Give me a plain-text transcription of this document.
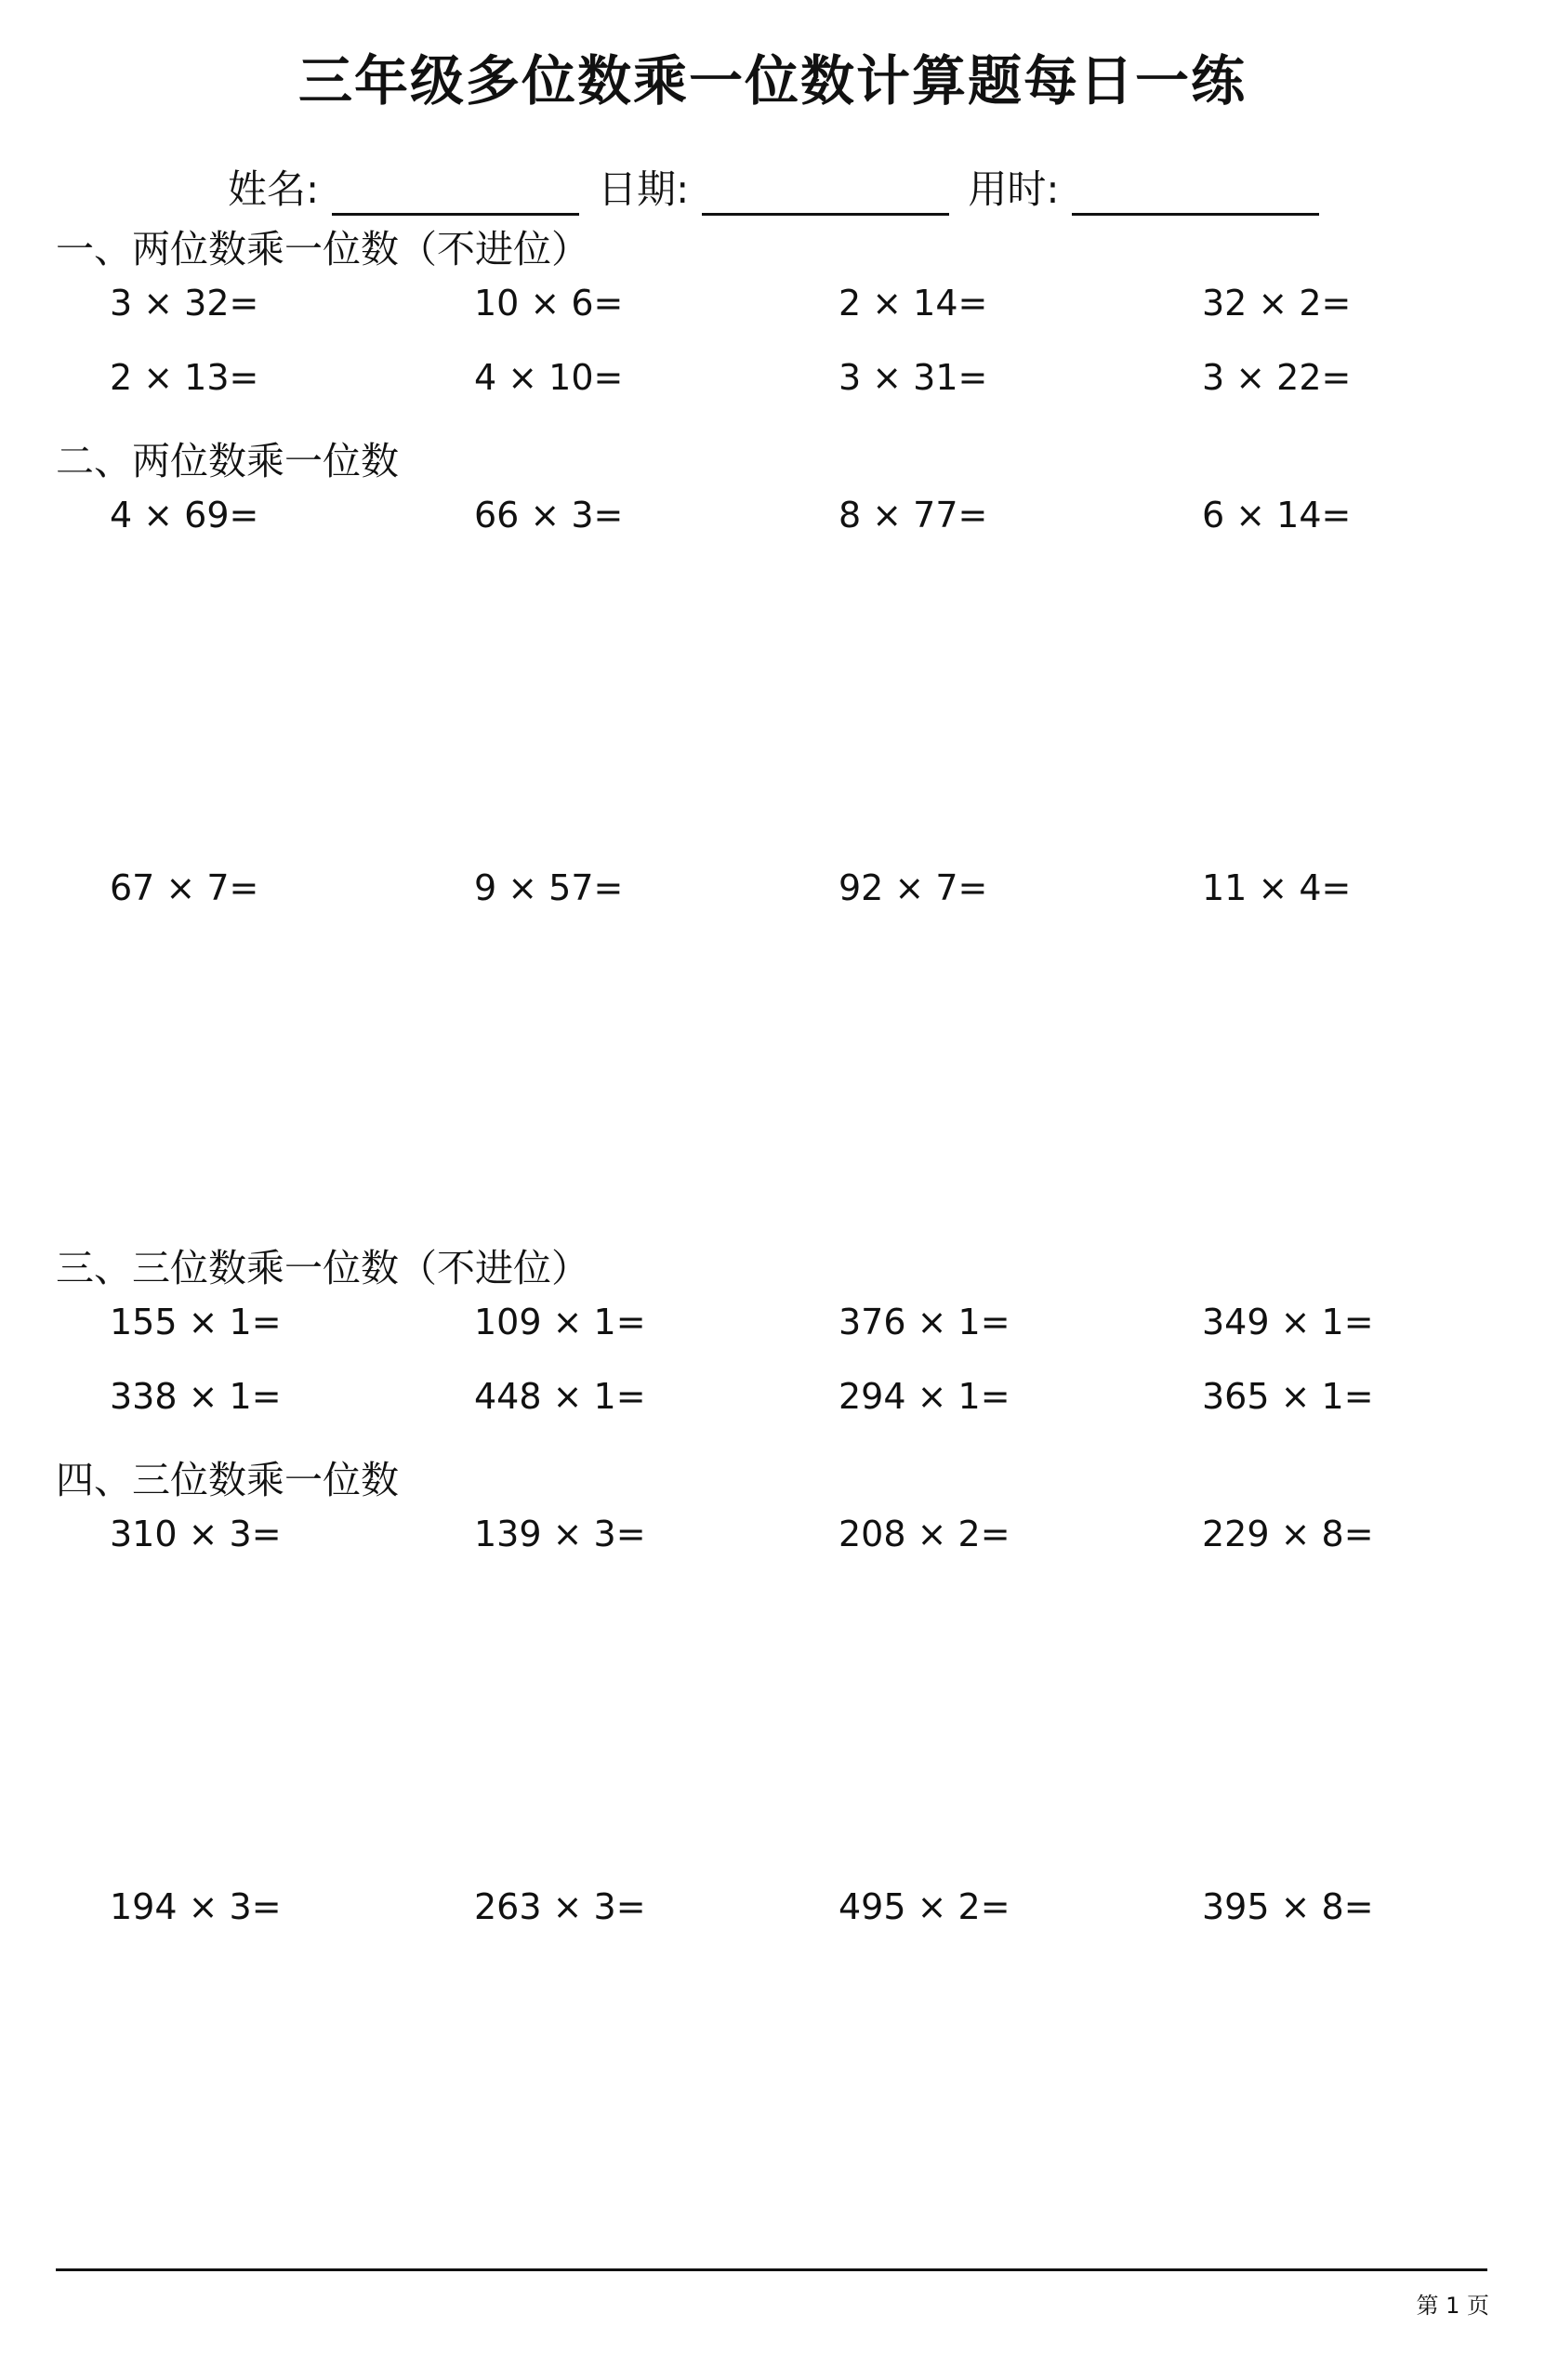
三年级多位数乘一位数计算题每日一练
姓名:	日期:	用时:
一、两位数乘一位数（不进位）
3 × 32=	10 × 6=	2 × 14=	32 × 2=
2 × 13=	4 × 10=	3 × 31=	3 × 22=
二、两位数乘一位数
4 × 69=	66 × 3=	8 × 77=	6 × 14=
67 × 7=	9 × 57=	92 × 7=	11 × 4=
三、三位数乘一位数（不进位）
155 × 1=	109 × 1=	376 × 1=	349 × 1=
338 × 1=	448 × 1=	294 × 1=	365 × 1=
四、三位数乘一位数
310 × 3=	139 × 3=	208 × 2=	229 × 8=
194 × 3=	263 × 3=	495 × 2=	395 × 8=
第 1 页
